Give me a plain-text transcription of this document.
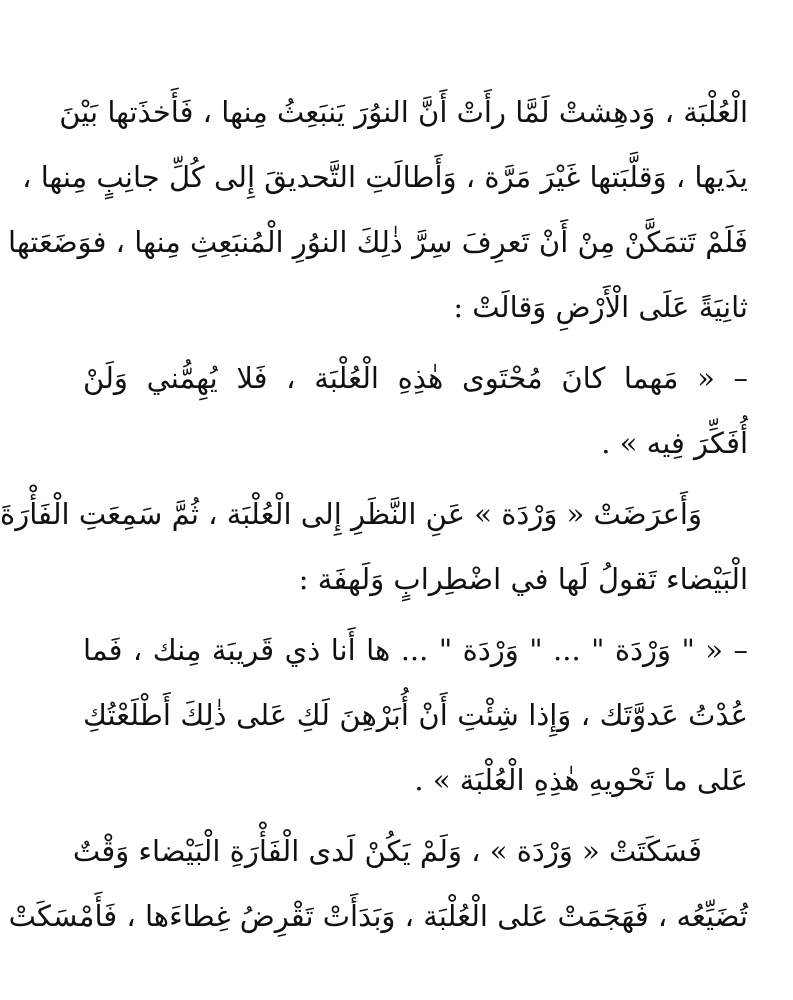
الْعُلْبَة ، وَدهِشتْ لَمَّا رأَتْ أَنَّ النوُرَ يَنبَعِثُ مِنها ، فَأَخذَتها بَيْنَ
يدَيها ، وَقلَّبَتها غَيْرَ مَرَّة ، وَأَطالَتِ التَّحديقَ إِلى كُلِّ جانِبٍ مِنها ،
فَلَمْ تَتمَكَّنْ مِنْ أَنْ تَعرِفَ سِرَّ ذٰلِكَ النوُرِ الْمُنبَعِثِ مِنها ، فوَضَعَتها
ثانِيَةً عَلَى الْأَرْضِ وَقالَتْ :
– « مَهما كانَ مُحْتَوى هٰذِهِ الْعُلْبَة ، فَلا يُهِمُّني وَلَنْ
أُفَكِّرَ فِيه » .
وَأَعرَضَتْ « وَرْدَة » عَنِ النَّظَرِ إِلى الْعُلْبَة ، ثُمَّ سَمِعَتِ الْفَأْرَةَ
الْبَيْضاء تَقولُ لَها في اضْطِرابٍ وَلَهفَة :
– « " وَرْدَة " ... " وَرْدَة " ... ها أَنا ذي قَريبَة مِنك ، فَما
عُدْتُ عَدوَّتَك ، وَإِذا شِئْتِ أَنْ أُبَرْهِنَ لَكِ عَلى ذٰلِكَ أَطْلَعْتُكِ
عَلى ما تَحْويهِ هٰذِهِ الْعُلْبَة » .
فَسَكَتَتْ « وَرْدَة » ، وَلَمْ يَكُنْ لَدى الْفَأْرَةِ الْبَيْضاء وَقْتٌ
تُضَيِّعُه ، فَهَجَمَتْ عَلى الْعُلْبَة ، وَبَدَأَتْ تَقْرِضُ غِطاءَها ، فَأَمْسَكَتْ
